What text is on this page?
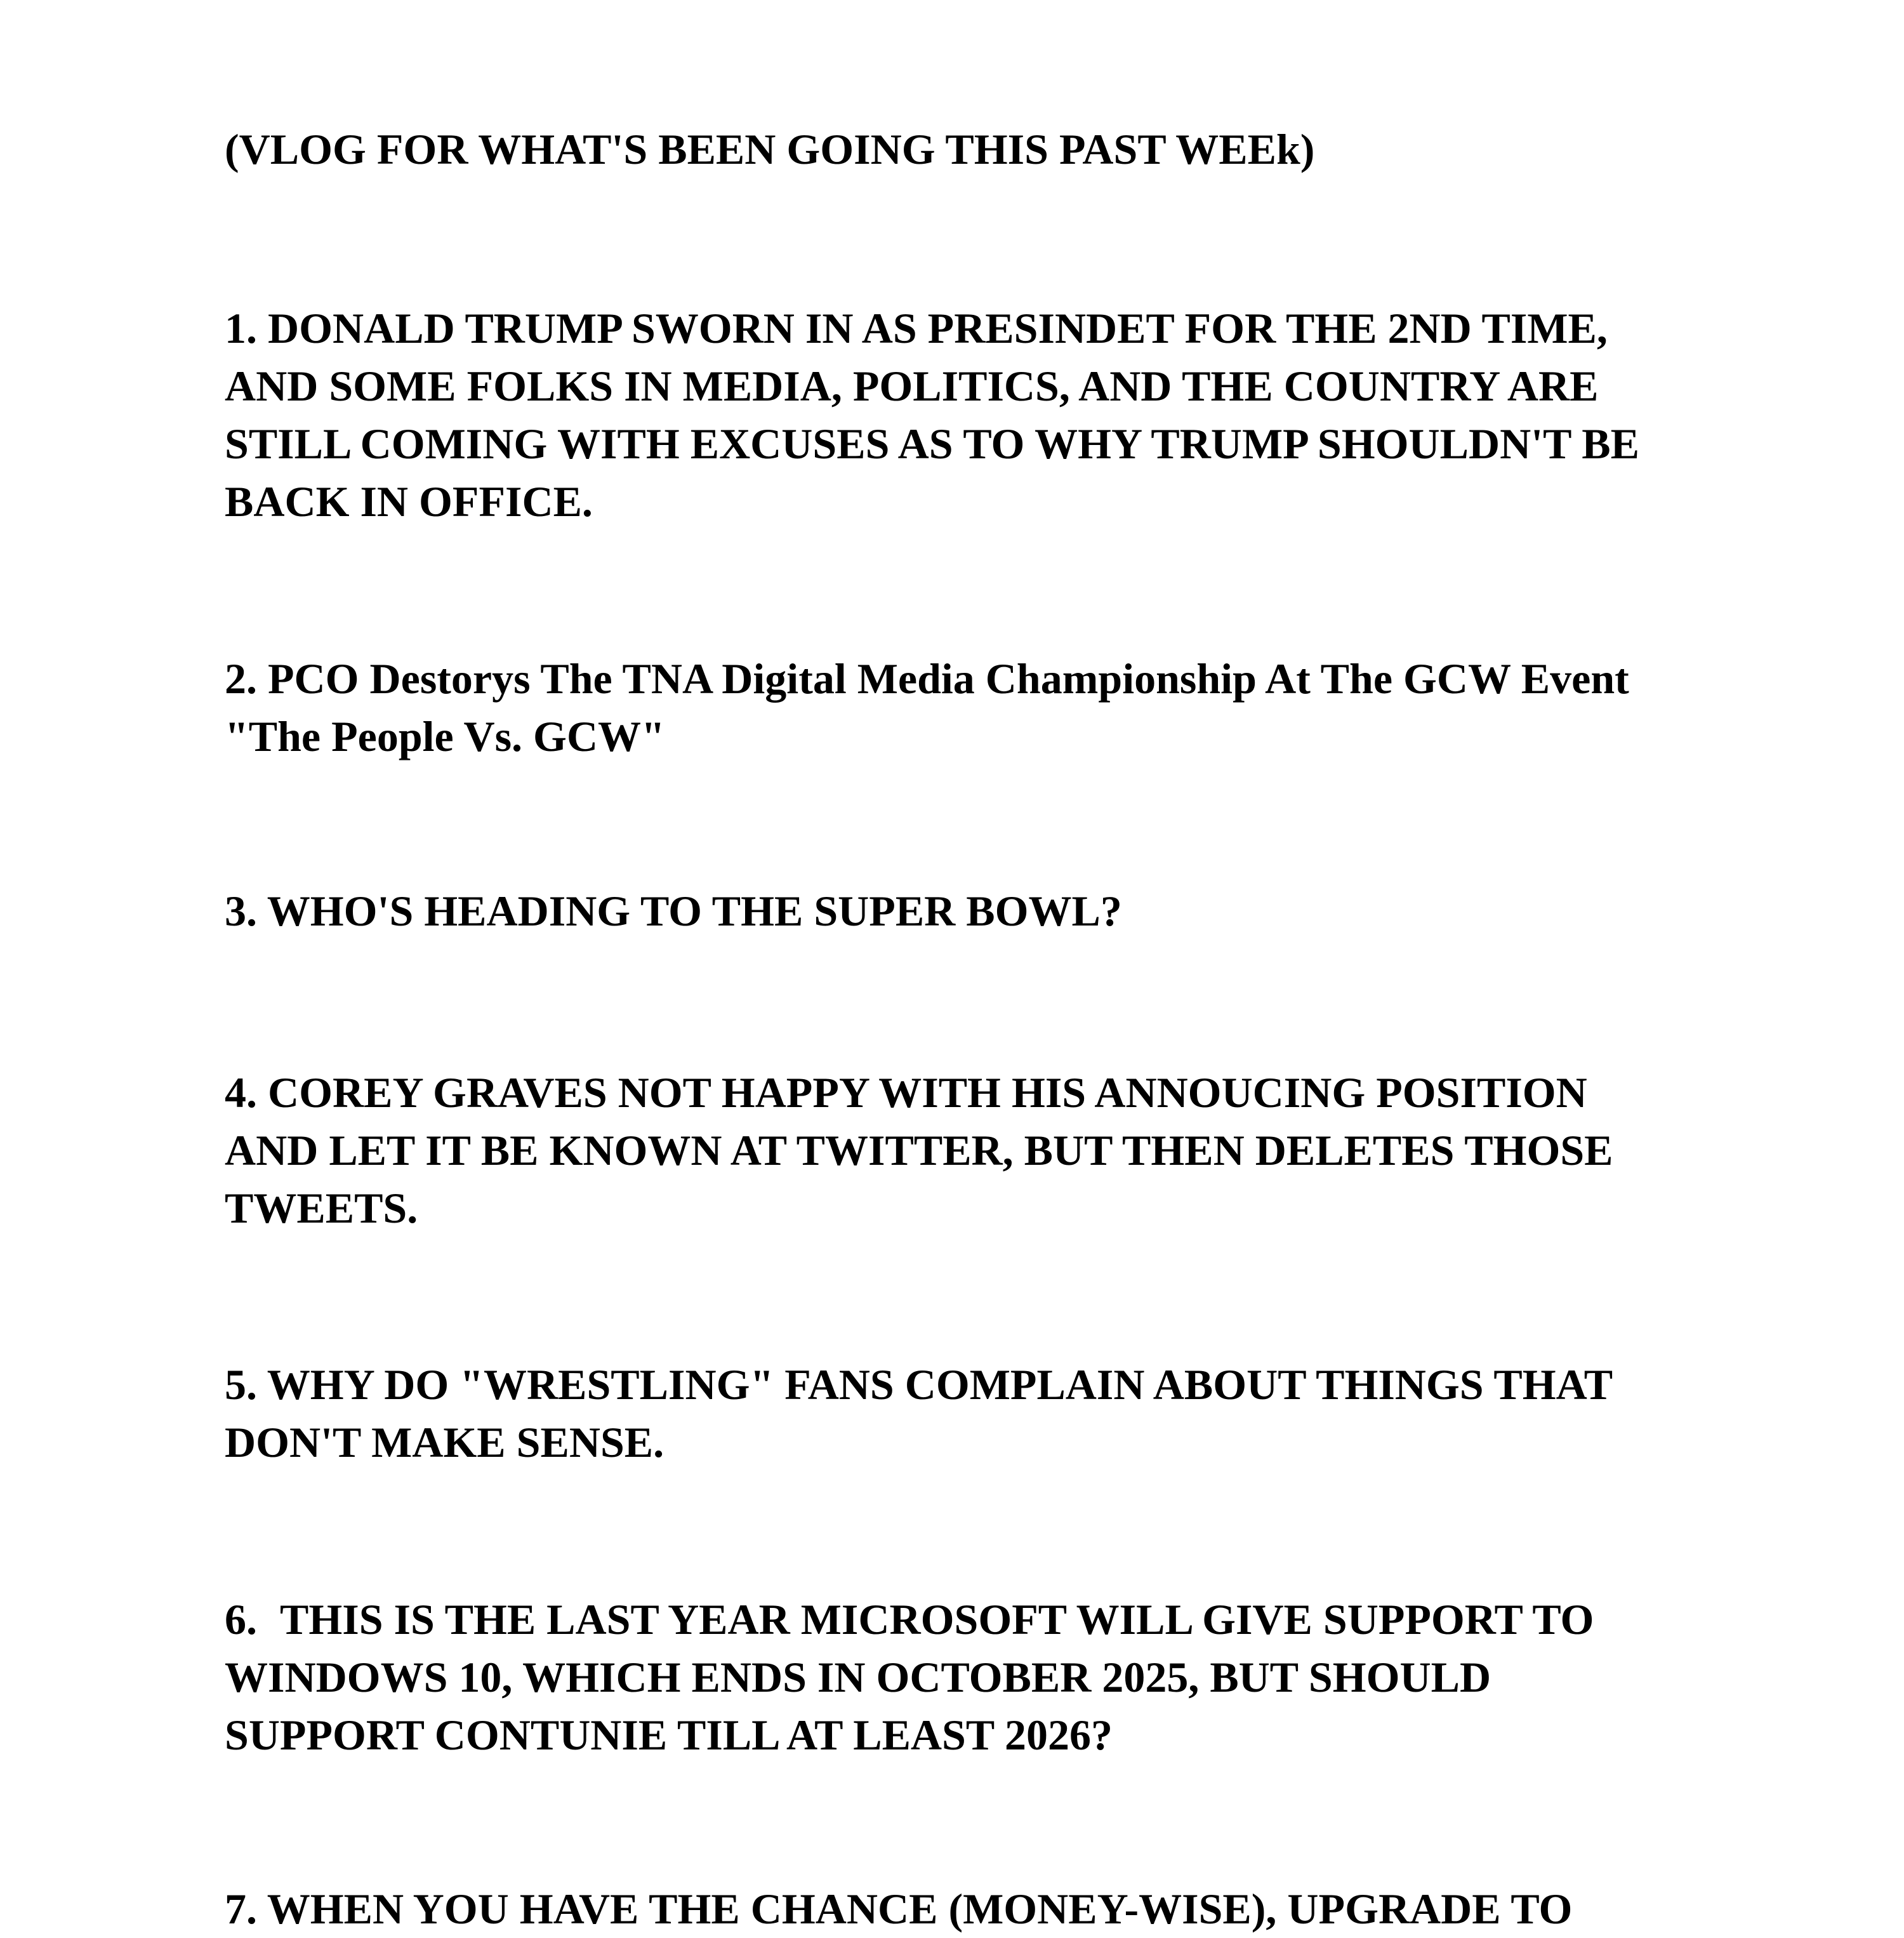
(VLOG FOR WHAT'S BEEN GOING THIS PAST WEEk)
1. DONALD TRUMP SWORN IN AS PRESINDET FOR THE 2ND TIME,
AND SOME FOLKS IN MEDIA, POLITICS, AND THE COUNTRY ARE
STILL COMING WITH EXCUSES AS TO WHY TRUMP SHOULDN'T BE
BACK IN OFFICE.
2. PCO Destorys The TNA Digital Media Championship At The GCW Event
"The People Vs. GCW"
3. WHO'S HEADING TO THE SUPER BOWL?
4. COREY GRAVES NOT HAPPY WITH HIS ANNOUCING POSITION
AND LET IT BE KNOWN AT TWITTER, BUT THEN DELETES THOSE
TWEETS.
5. WHY DO "WRESTLING" FANS COMPLAIN ABOUT THINGS THAT
DON'T MAKE SENSE.
6. THIS IS THE LAST YEAR MICROSOFT WILL GIVE SUPPORT TO
WINDOWS 10, WHICH ENDS IN OCTOBER 2025, BUT SHOULD
SUPPORT CONTUNIE TILL AT LEAST 2026?
7. WHEN YOU HAVE THE CHANCE (MONEY-WISE), UPGRADE TO
